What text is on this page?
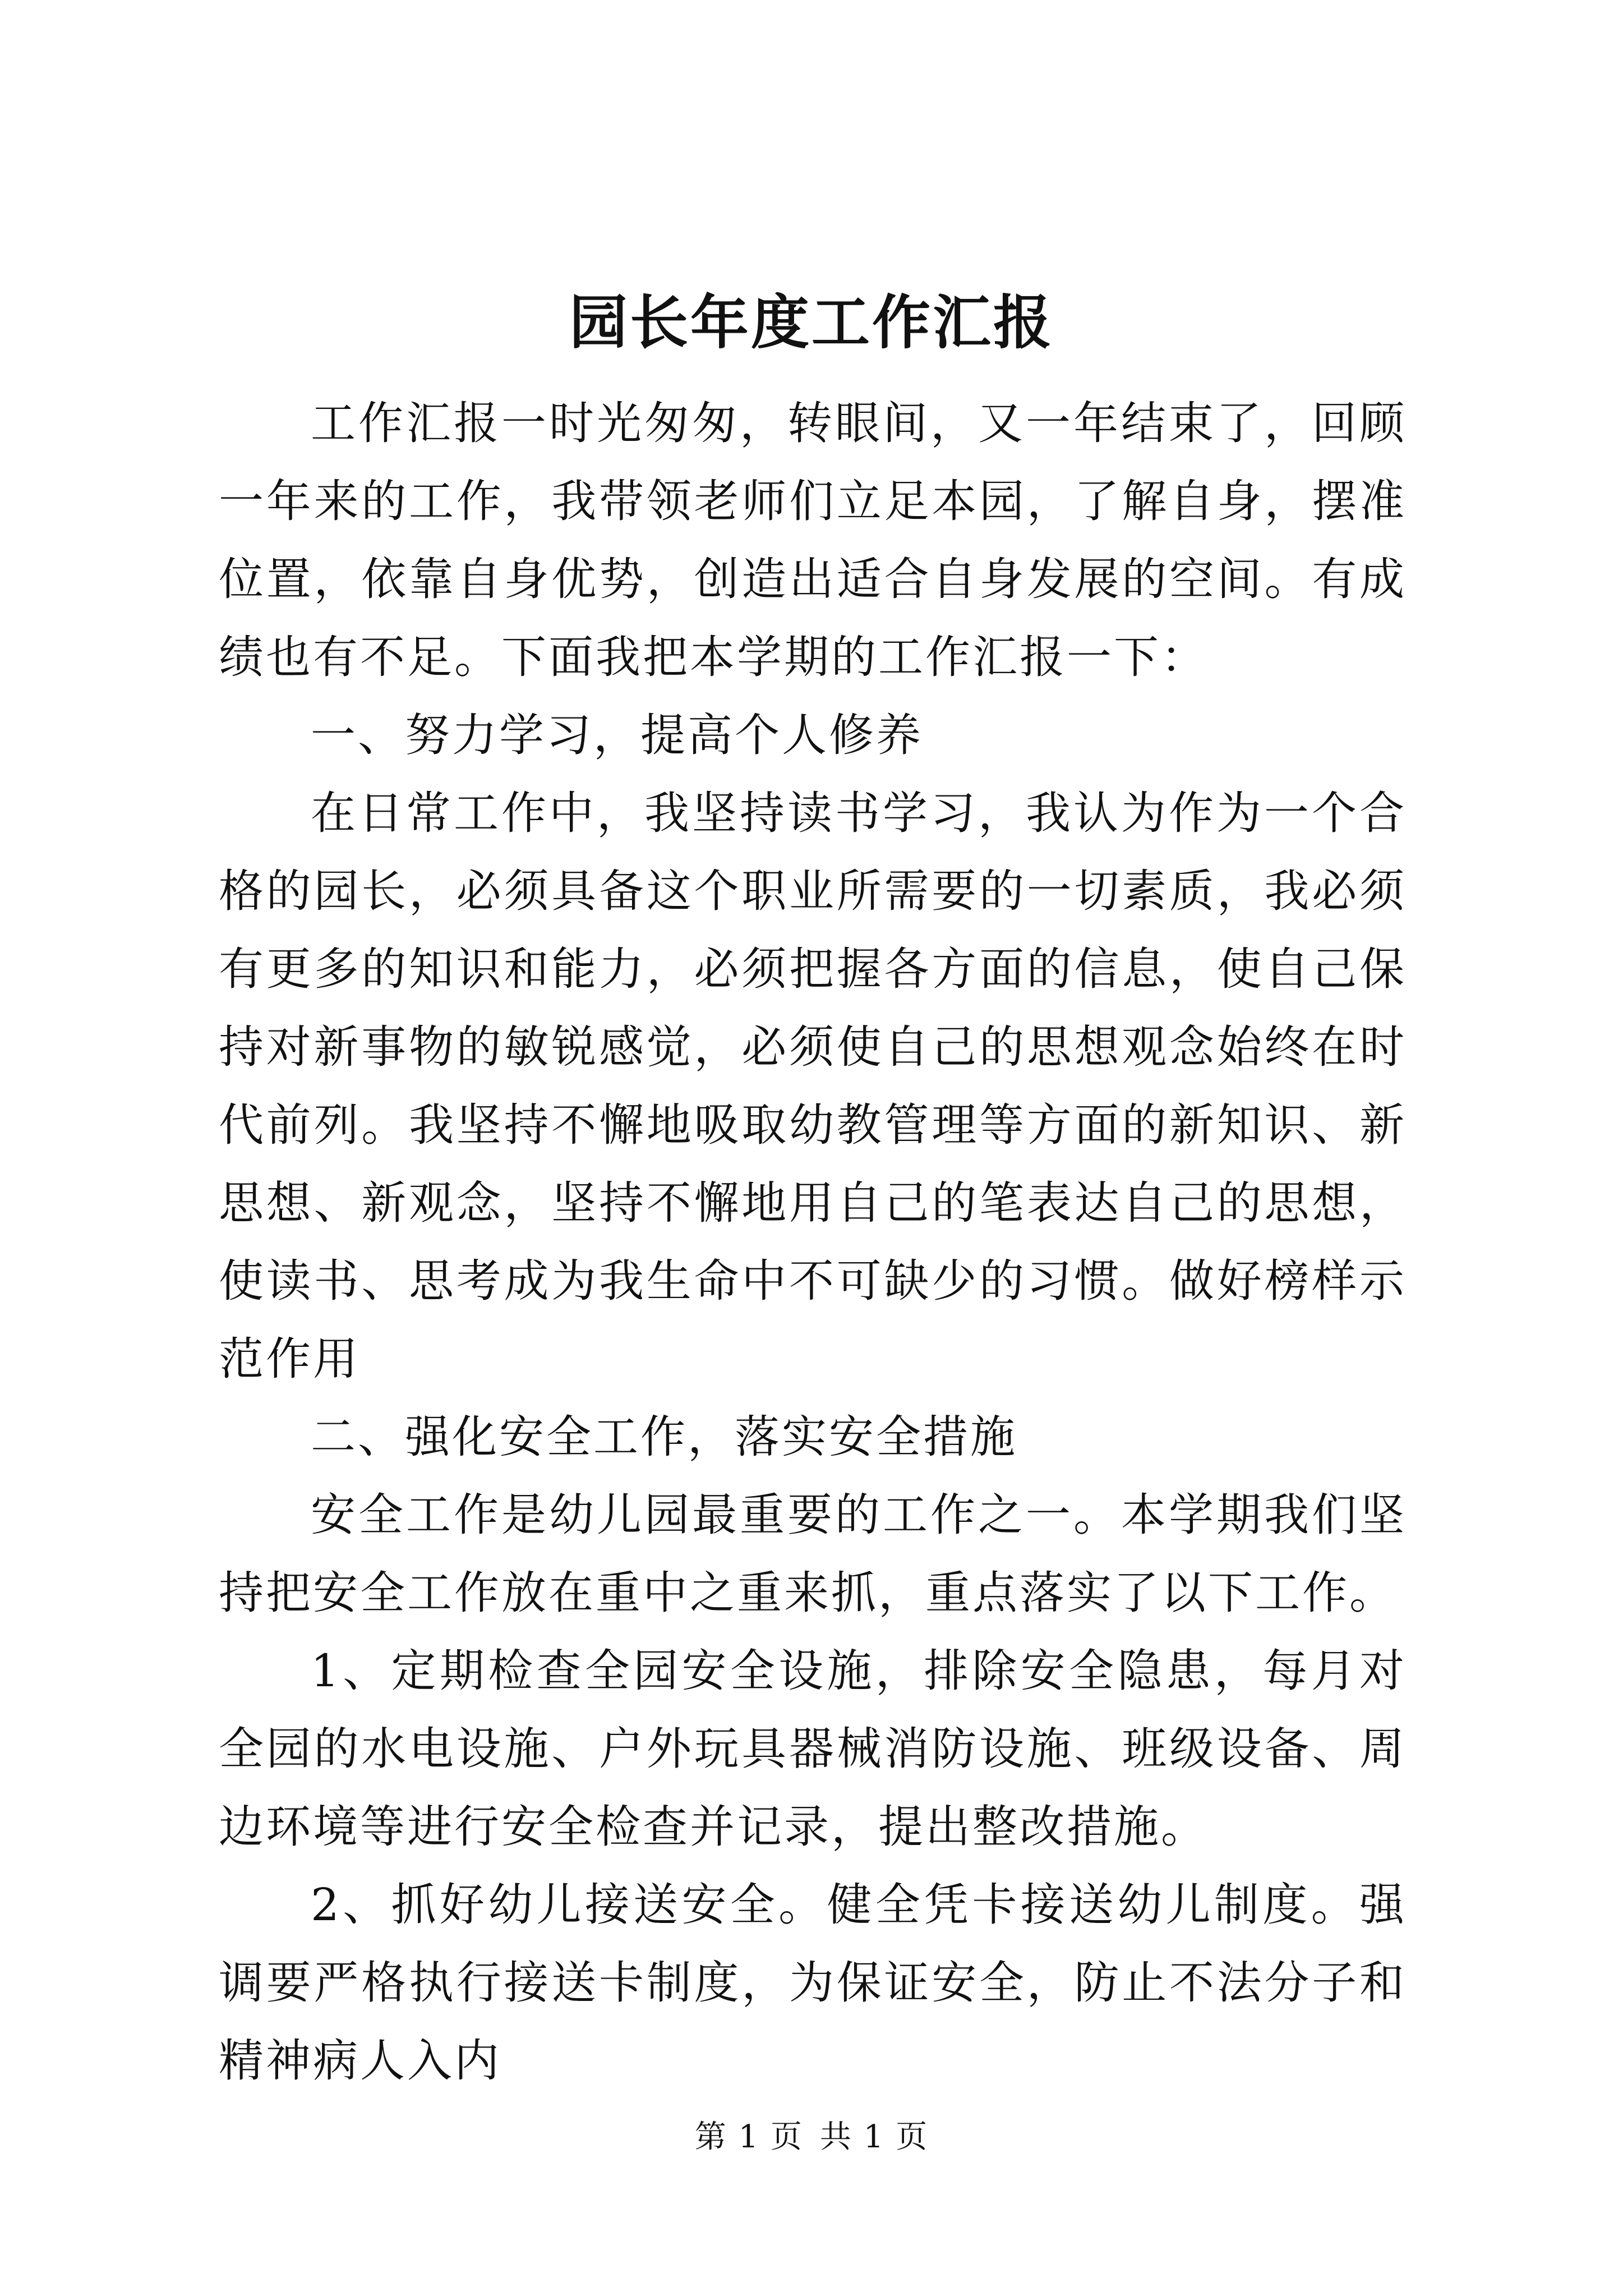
园长年度工作汇报

工作汇报一时光匆匆，转眼间，又一年结束了，回顾一年来的工作，我带领老师们立足本园，了解自身，摆准位置，依靠自身优势，创造出适合自身发展的空间。有成绩也有不足。下面我把本学期的工作汇报一下：

一、努力学习，提高个人修养

在日常工作中，我坚持读书学习，我认为作为一个合格的园长，必须具备这个职业所需要的一切素质，我必须有更多的知识和能力，必须把握各方面的信息，使自己保持对新事物的敏锐感觉，必须使自己的思想观念始终在时代前列。我坚持不懈地吸取幼教管理等方面的新知识、新思想、新观念，坚持不懈地用自己的笔表达自己的思想，使读书、思考成为我生命中不可缺少的习惯。做好榜样示范作用

二、强化安全工作，落实安全措施

安全工作是幼儿园最重要的工作之一。本学期我们坚持把安全工作放在重中之重来抓，重点落实了以下工作。

1、定期检查全园安全设施，排除安全隐患，每月对全园的水电设施、户外玩具器械消防设施、班级设备、周边环境等进行安全检查并记录，提出整改措施。

2、抓好幼儿接送安全。健全凭卡接送幼儿制度。强调要严格执行接送卡制度，为保证安全，防止不法分子和精神病人入内

第 1 页 共 1 页
